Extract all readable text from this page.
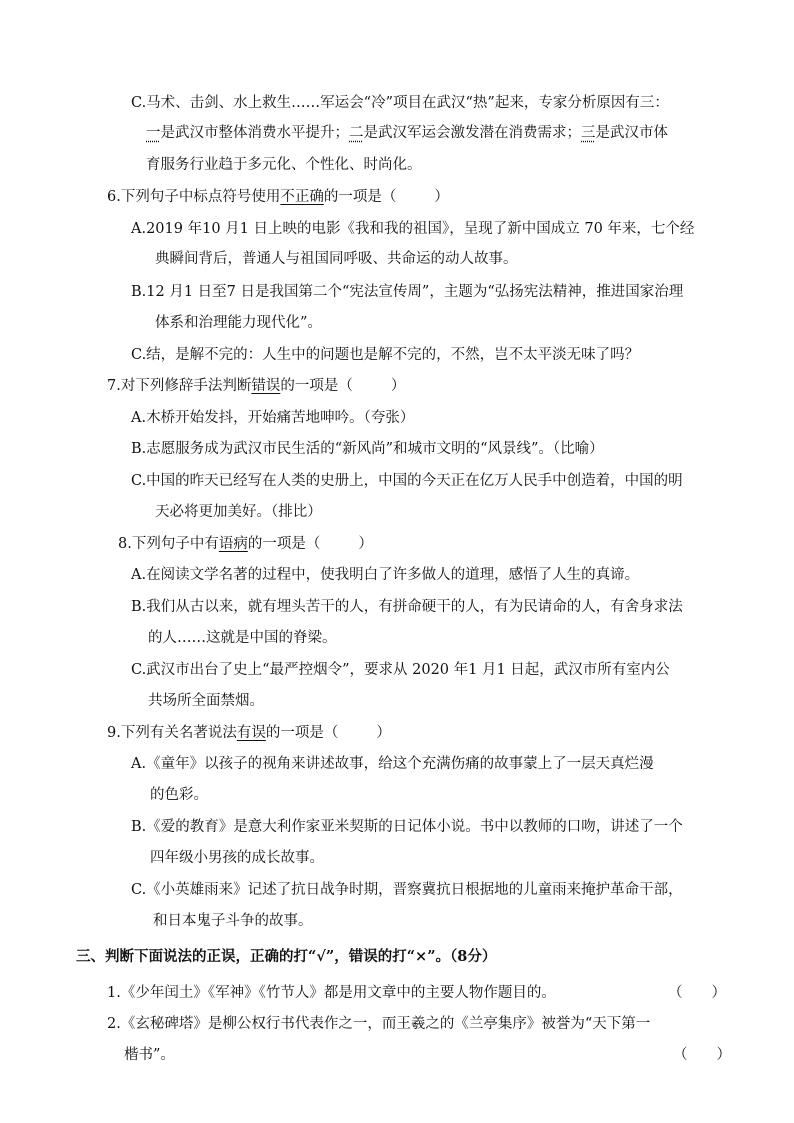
C.马术、击剑、水上救生……军运会“冷”项目在武汉“热”起来，专家分析原因有三：
一是武汉市整体消费水平提升；二是武汉军运会激发潜在消费需求；三是武汉市体
育服务行业趋于多元化、个性化、时尚化。
6.下列句子中标点符号使用不正确的一项是（	）
A.2019 年10 月1 日上映的电影《我和我的祖国》，呈现了新中国成立 70 年来，七个经
典瞬间背后，普通人与祖国同呼吸、共命运的动人故事。
B.12 月1 日至7 日是我国第二个“宪法宣传周”，主题为“弘扬宪法精神，推进国家治理
体系和治理能力现代化”。
C.结，是解不完的：人生中的问题也是解不完的，不然，岂不太平淡无味了吗？
7.对下列修辞手法判断错误的一项是（	）
A.木桥开始发抖，开始痛苦地呻吟。（夸张）
B.志愿服务成为武汉市民生活的“新风尚”和城市文明的“风景线”。（比喻）
C.中国的昨天已经写在人类的史册上，中国的今天正在亿万人民手中创造着，中国的明
天必将更加美好。（排比）
8.下列句子中有语病的一项是（	）
A.在阅读文学名著的过程中，使我明白了许多做人的道理，感悟了人生的真谛。
B.我们从古以来，就有埋头苦干的人，有拼命硬干的人，有为民请命的人，有舍身求法
的人……这就是中国的脊梁。
C.武汉市出台了史上“最严控烟令”，要求从 2020 年1 月1 日起，武汉市所有室内公
共场所全面禁烟。
9.下列有关名著说法有误的一项是（	）
A.《童年》以孩子的视角来讲述故事，给这个充满伤痛的故事蒙上了一层天真烂漫
的色彩。
B.《爱的教育》是意大利作家亚米契斯的日记体小说。书中以教师的口吻，讲述了一个
四年级小男孩的成长故事。
C.《小英雄雨来》记述了抗日战争时期，晋察冀抗日根据地的儿童雨来掩护革命干部，
和日本鬼子斗争的故事。
三、判断下面说法的正误，正确的打“√”，错误的打“×”。（8分）
1.《少年闰土》《军神》《竹节人》都是用文章中的主要人物作题目的。	（　　）
2.《玄秘碑塔》是柳公权行书代表作之一，而王羲之的《兰亭集序》被誉为“天下第一
楷书”。	（　　）
